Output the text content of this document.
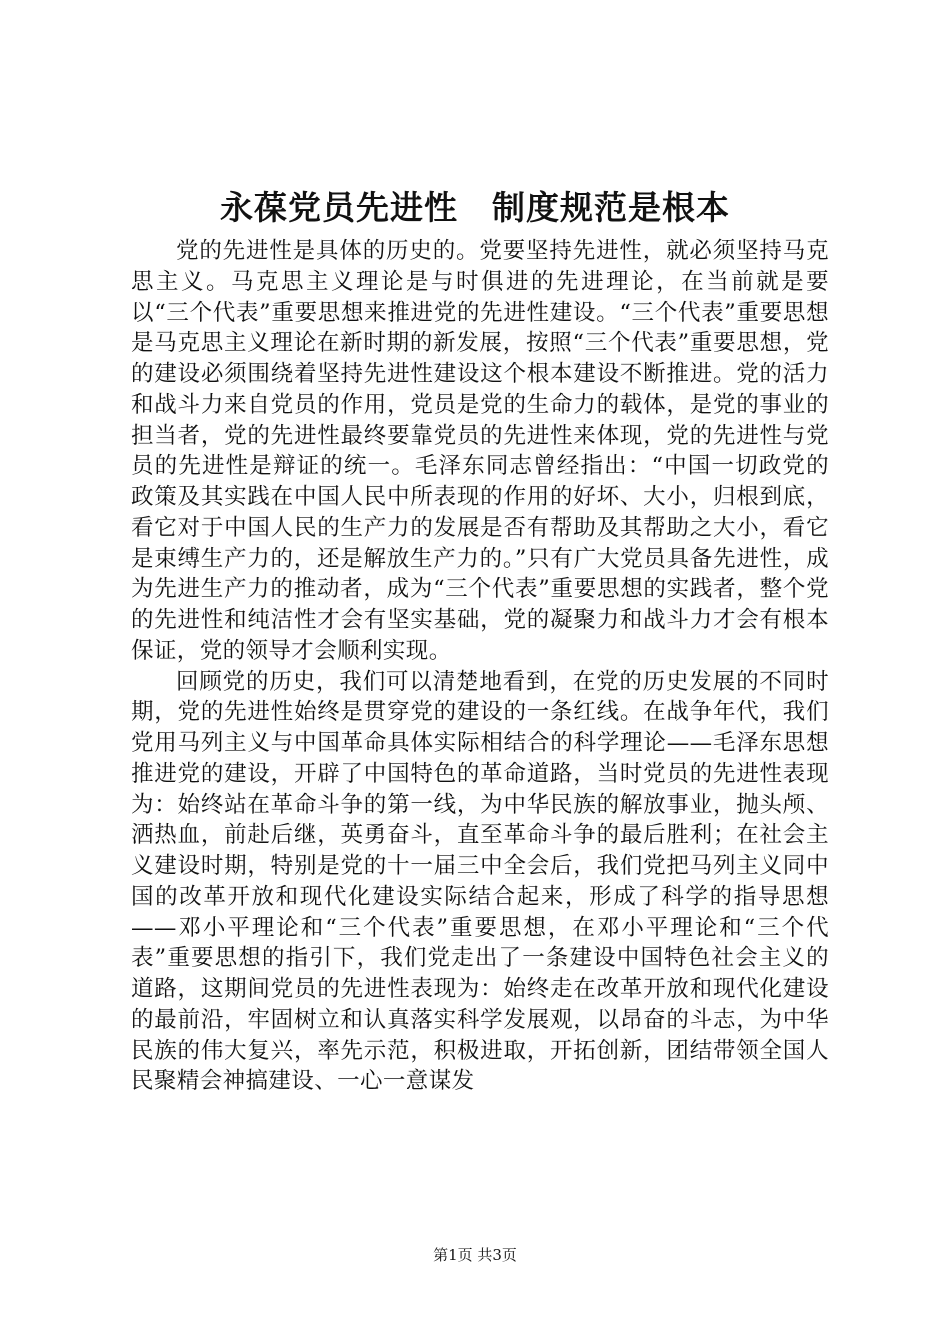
永葆党员先进性　制度规范是根本

党的先进性是具体的历史的。党要坚持先进性，就必须坚持马克思主义。马克思主义理论是与时俱进的先进理论，在当前就是要以“三个代表”重要思想来推进党的先进性建设。“三个代表”重要思想是马克思主义理论在新时期的新发展，按照“三个代表”重要思想，党的建设必须围绕着坚持先进性建设这个根本建设不断推进。党的活力和战斗力来自党员的作用，党员是党的生命力的载体，是党的事业的担当者，党的先进性最终要靠党员的先进性来体现，党的先进性与党员的先进性是辩证的统一。毛泽东同志曾经指出：“中国一切政党的政策及其实践在中国人民中所表现的作用的好坏、大小，归根到底，看它对于中国人民的生产力的发展是否有帮助及其帮助之大小，看它是束缚生产力的，还是解放生产力的。”只有广大党员具备先进性，成为先进生产力的推动者，成为“三个代表”重要思想的实践者，整个党的先进性和纯洁性才会有坚实基础，党的凝聚力和战斗力才会有根本保证，党的领导才会顺利实现。

回顾党的历史，我们可以清楚地看到，在党的历史发展的不同时期，党的先进性始终是贯穿党的建设的一条红线。在战争年代，我们党用马列主义与中国革命具体实际相结合的科学理论——毛泽东思想推进党的建设，开辟了中国特色的革命道路，当时党员的先进性表现为：始终站在革命斗争的第一线，为中华民族的解放事业，抛头颅、洒热血，前赴后继，英勇奋斗，直至革命斗争的最后胜利；在社会主义建设时期，特别是党的十一届三中全会后，我们党把马列主义同中国的改革开放和现代化建设实际结合起来，形成了科学的指导思想——邓小平理论和“三个代表”重要思想，在邓小平理论和“三个代表”重要思想的指引下，我们党走出了一条建设中国特色社会主义的道路，这期间党员的先进性表现为：始终走在改革开放和现代化建设的最前沿，牢固树立和认真落实科学发展观，以昂奋的斗志，为中华民族的伟大复兴，率先示范，积极进取，开拓创新，团结带领全国人民聚精会神搞建设、一心一意谋发

第1页 共3页
